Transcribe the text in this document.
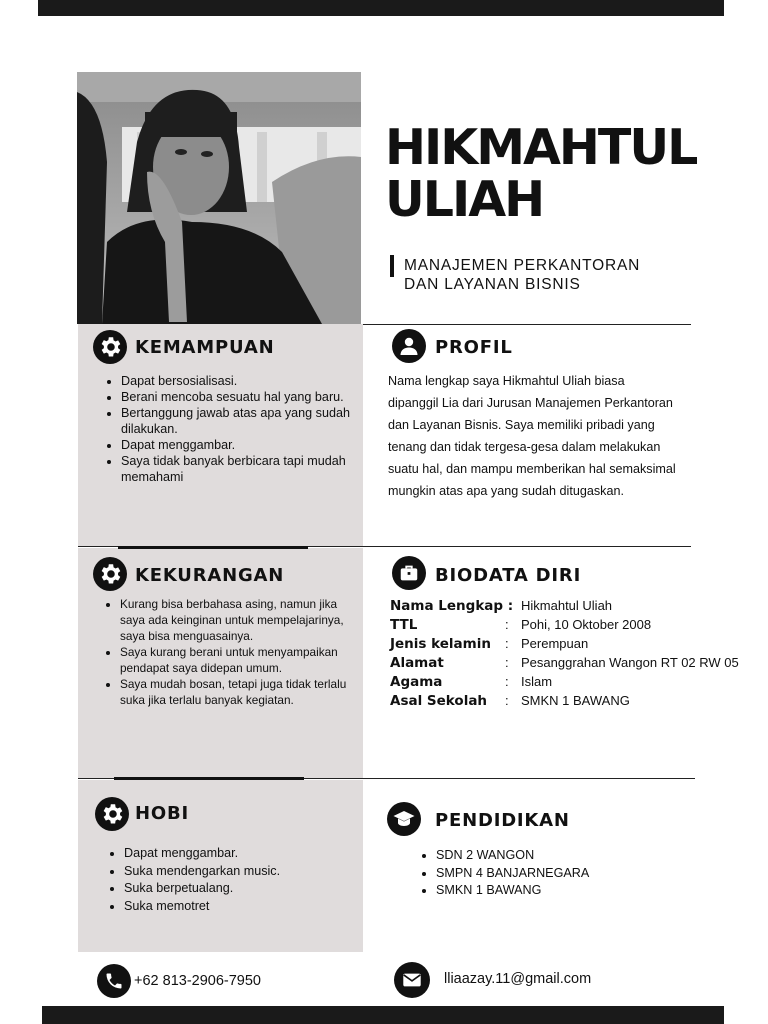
HIKMAHTUL
ULIAH
MANAJEMEN PERKANTORAN
DAN LAYANAN BISNIS
KEMAMPUAN
• Dapat bersosialisasi.
• Berani mencoba sesuatu hal yang baru.
• Bertanggung jawab atas apa yang sudah dilakukan.
• Dapat menggambar.
• Saya tidak banyak berbicara tapi mudah memahami
PROFIL
Nama lengkap saya Hikmahtul Uliah biasa dipanggil Lia dari Jurusan Manajemen Perkantoran dan Layanan Bisnis. Saya memiliki pribadi yang tenang dan tidak tergesa-gesa dalam melakukan suatu hal, dan mampu memberikan hal semaksimal mungkin atas apa yang sudah ditugaskan.
KEKURANGAN
• Kurang bisa berbahasa asing, namun jika saya ada keinginan untuk mempelajarinya, saya bisa menguasainya.
• Saya kurang berani untuk menyampaikan pendapat saya didepan umum.
• Saya mudah bosan, tetapi juga tidak terlalu suka jika terlalu banyak kegiatan.
BIODATA DIRI
Nama Lengkap : Hikmahtul Uliah
TTL	: Pohi, 10 Oktober 2008
Jenis kelamin : Perempuan
Alamat	: Pesanggrahan Wangon RT 02 RW 05
Agama	: Islam
Asal Sekolah : SMKN 1 BAWANG
HOBI
• Dapat menggambar.
• Suka mendengarkan music.
• Suka berpetualang.
• Suka memotret
PENDIDIKAN
• SDN 2 WANGON
• SMPN 4 BANJARNEGARA
• SMKN 1 BAWANG
+62 813-2906-7950	lliaazay.11@gmail.com
